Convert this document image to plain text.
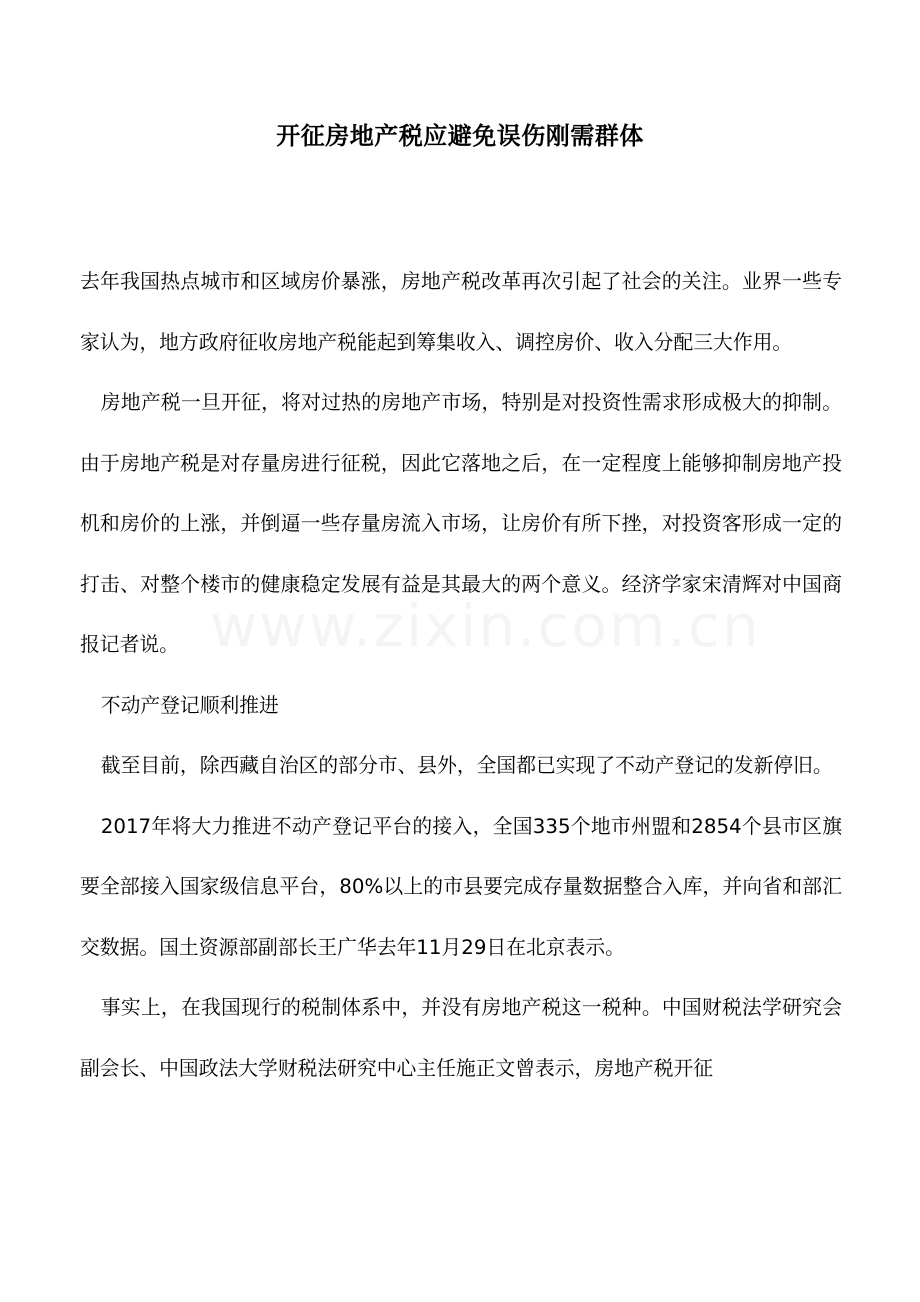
开征房地产税应避免误伤刚需群体

去年我国热点城市和区域房价暴涨，房地产税改革再次引起了社会的关注。业界一些专家认为，地方政府征收房地产税能起到筹集收入、调控房价、收入分配三大作用。

房地产税一旦开征，将对过热的房地产市场，特别是对投资性需求形成极大的抑制。由于房地产税是对存量房进行征税，因此它落地之后，在一定程度上能够抑制房地产投机和房价的上涨，并倒逼一些存量房流入市场，让房价有所下挫，对投资客形成一定的打击、对整个楼市的健康稳定发展有益是其最大的两个意义。经济学家宋清辉对中国商报记者说。

不动产登记顺利推进

截至目前，除西藏自治区的部分市、县外，全国都已实现了不动产登记的发新停旧。

2017年将大力推进不动产登记平台的接入，全国335个地市州盟和2854个县市区旗要全部接入国家级信息平台，80%以上的市县要完成存量数据整合入库，并向省和部汇交数据。国土资源部副部长王广华去年11月29日在北京表示。

事实上，在我国现行的税制体系中，并没有房地产税这一税种。中国财税法学研究会副会长、中国政法大学财税法研究中心主任施正文曾表示，房地产税开征

www.zixin.com.cn
